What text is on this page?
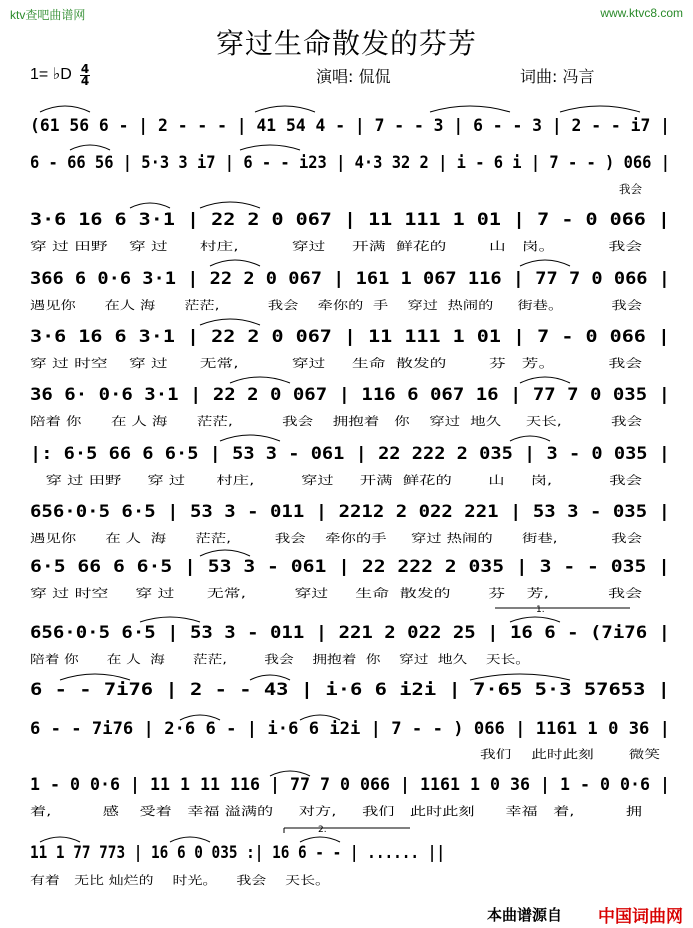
ktv查吧曲谱网	www.ktvc8.com
穿过生命散发的芬芳
1= ♭D 4
4	演唱: 侃侃	词曲: 冯言
(61 56 6 - | 2 - - - | 41 54 4 - | 7 - - 3 | 6 - - 3 | 2 - - i7 |
6 - 66 56 | 5·3 3 i7 | 6 - - i23 | 4·3 32 2 | i - 6 i | 7 - - ) 066 |
我会
3·6 16 6 3·1 | 22 2 0 067 | 11 111 1 01 | 7 - 0 066 |
穿 过 田野    穿 过      村庄,          穿过     开满  鲜花的        山   岗。          我会
366 6 0·6 3·1 | 22 2 0 067 | 161 1 067 116 | 77 7 0 066 |
遇见你      在人 海      茫茫,          我会    牵你的  手    穿过  热闹的     街巷。          我会
3·6 16 6 3·1 | 22 2 0 067 | 11 111 1 01 | 7 - 0 066 |
穿 过 时空    穿 过      无常,          穿过     生命  散发的        芬   芳。          我会
36 6· 0·6 3·1 | 22 2 0 067 | 116 6 067 16 | 77 7 0 035 |
陪着 你      在 人 海      茫茫,          我会    拥抱着   你    穿过  地久     天长,          我会
|: 6·5 66 6 6·5 | 53 3 - 061 | 22 222 2 035 | 3 - 0 035 |
穿 过 田野     穿 过      村庄,         穿过     开满  鲜花的       山     岗,           我会
656·0·5 6·5 | 53 3 - 011 | 2212 2 022 221 | 53 3 - 035 |
遇见你      在 人  海      茫茫,         我会    牵你的手     穿过 热闹的      街巷,           我会
6·5 66 6 6·5 | 53 3 - 061 | 22 222 2 035 | 3 - - 035 |
穿 过 时空     穿 过      无常,         穿过     生命  散发的       芬    芳,           我会
656·0·5 6·5 | 53 3 - 011 | 221 2 022 25 | 16 6 - (7i76 |
陪着 你      在 人  海      茫茫,        我会    拥抱着  你    穿过  地久    天长。
6 - - 7i76 | 2 - - 43 | i·6 6 i2i | 7·65 5·3 57653 |
6 - - 7i76 | 2·6 6 - | i·6 6 i2i | 7 - - ) 066 | 1161 1 0 36 |
我们    此时此刻       微笑
1 - 0 0·6 | 11 1 11 116 | 77 7 0 066 | 1161 1 0 36 | 1 - 0 0·6 |
着,          感    受着   幸福 溢满的     对方,     我们   此时此刻      幸福   着,          拥
11 1 77 773 | 16 6 0 035 :| 16 6 - - | ...... ||
有着   无比 灿烂的    时光。    我会    天长。
1.
2.
本曲谱源自 中国词曲网
